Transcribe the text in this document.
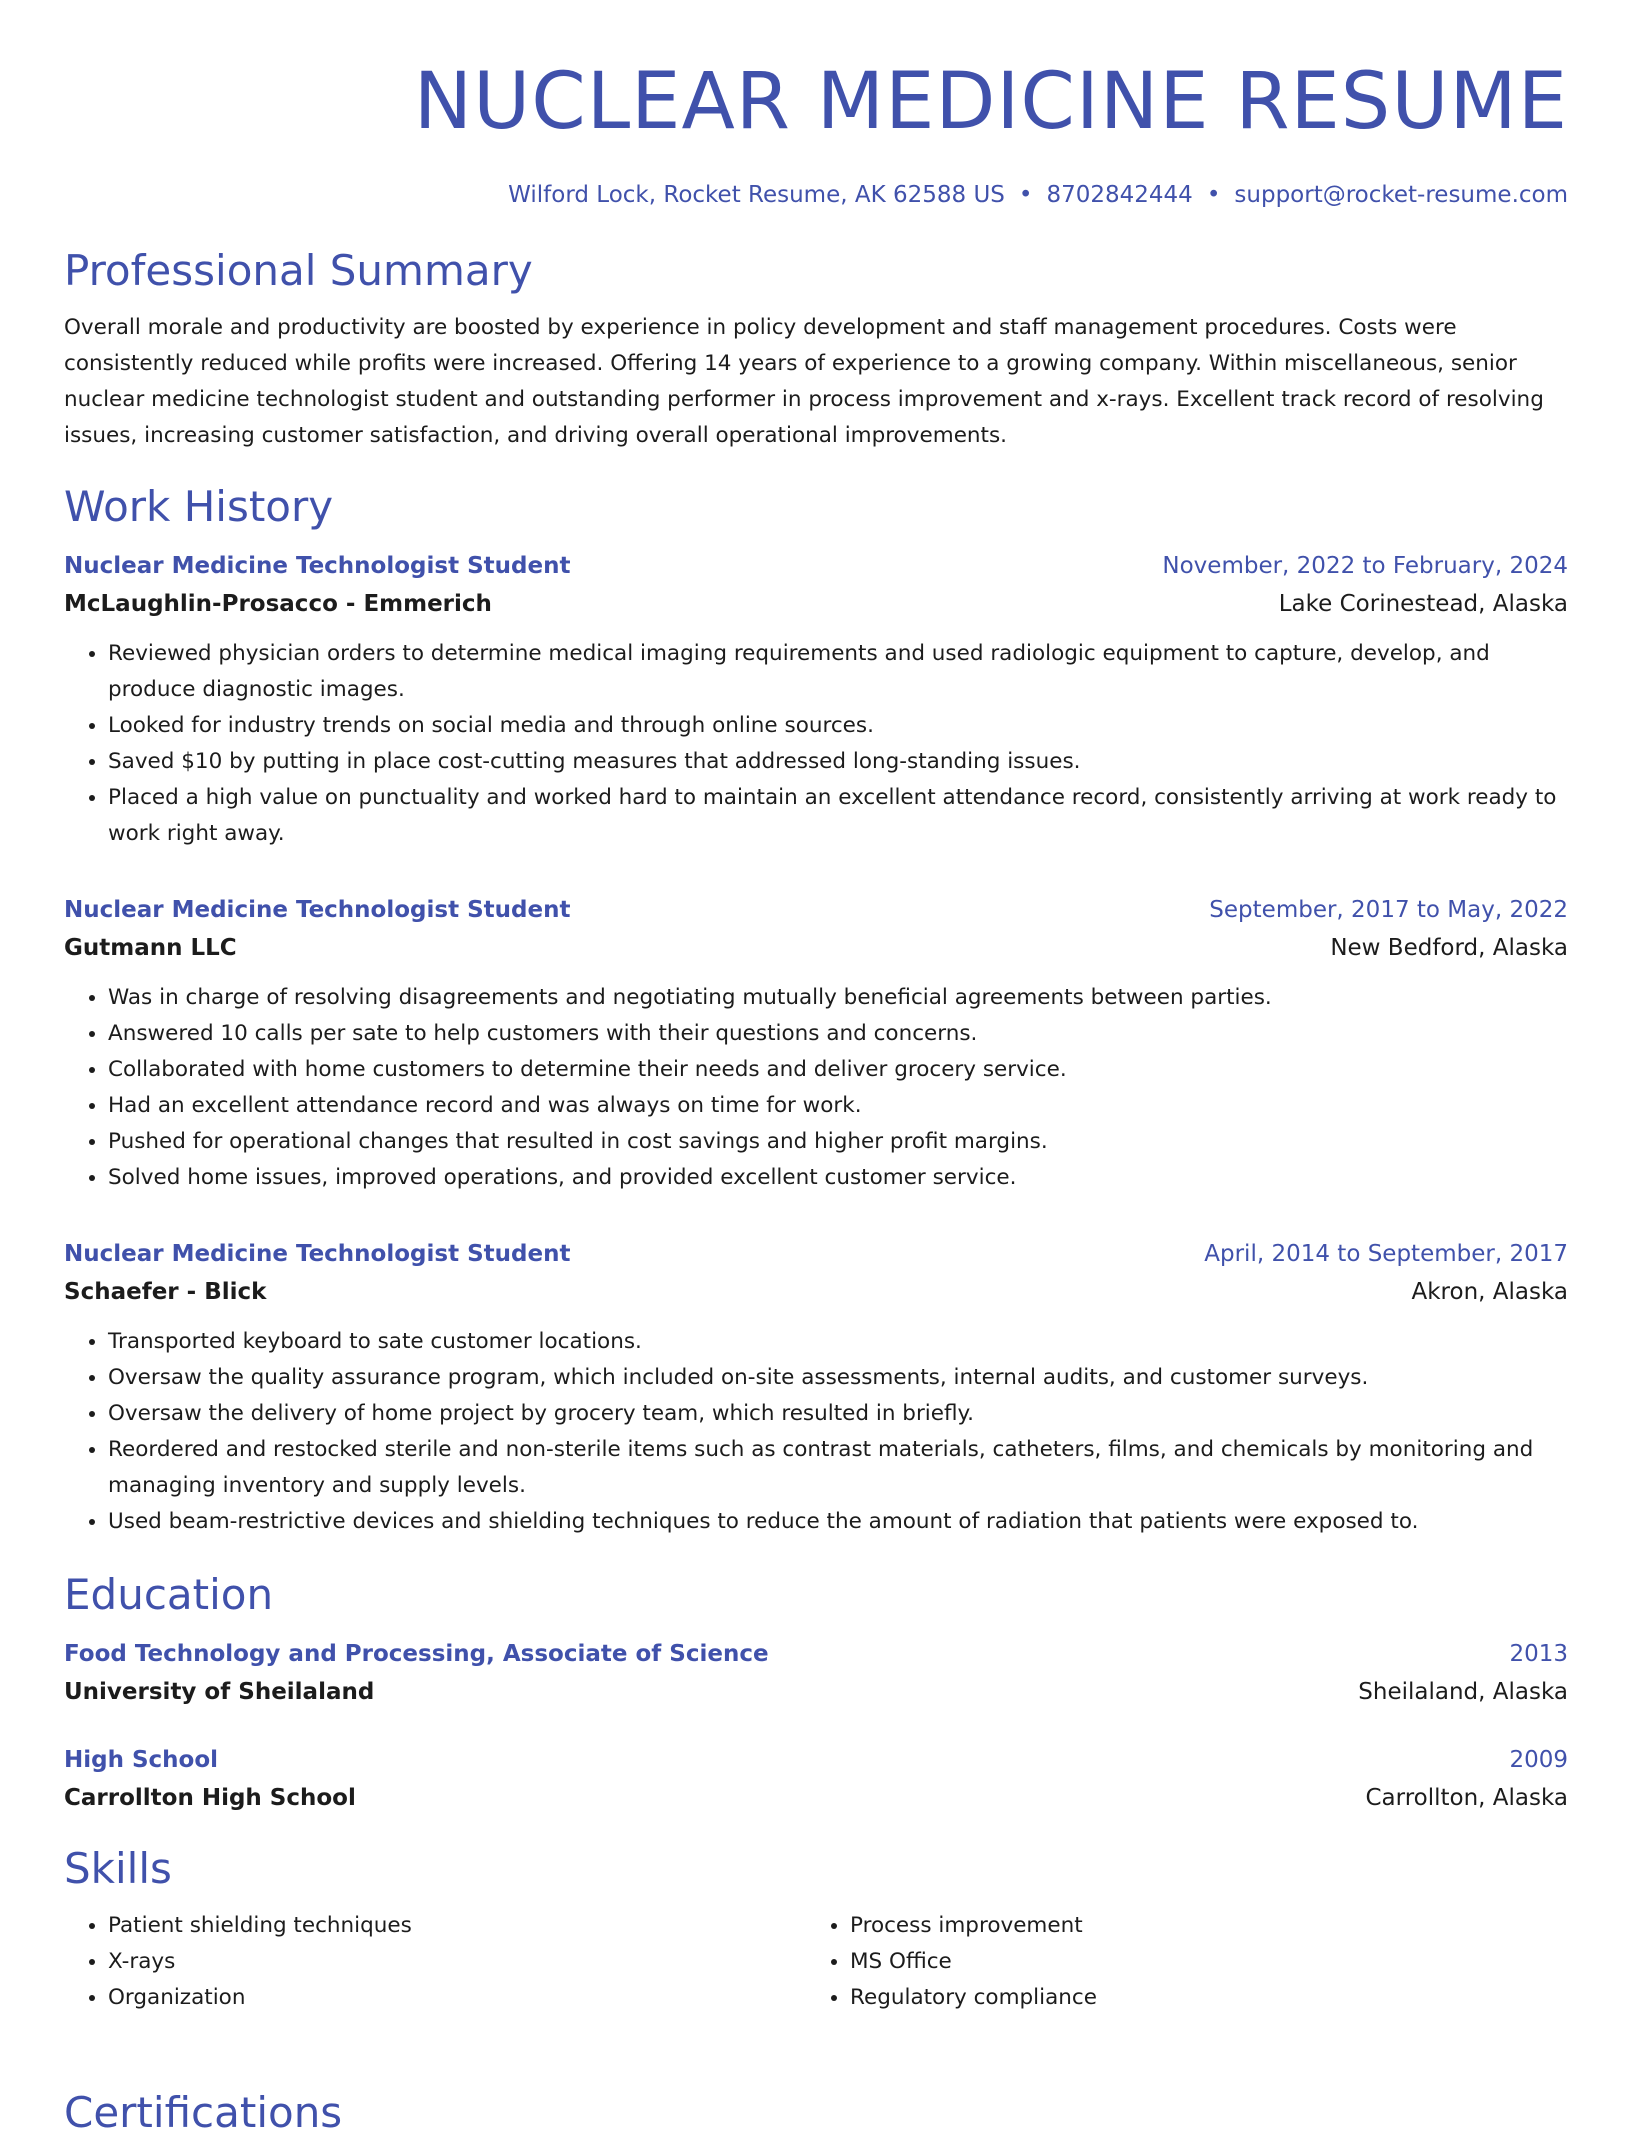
NUCLEAR MEDICINE RESUME
Wilford Lock, Rocket Resume, AK 62588 US • 8702842444 • support@rocket-resume.com
Professional Summary
Overall morale and productivity are boosted by experience in policy development and staff management procedures. Costs were consistently reduced while profits were increased. Offering 14 years of experience to a growing company. Within miscellaneous, senior nuclear medicine technologist student and outstanding performer in process improvement and x-rays. Excellent track record of resolving issues, increasing customer satisfaction, and driving overall operational improvements.
Work History
Nuclear Medicine Technologist Student	November, 2022 to February, 2024
McLaughlin-Prosacco - Emmerich	Lake Corinestead, Alaska
• Reviewed physician orders to determine medical imaging requirements and used radiologic equipment to capture, develop, and produce diagnostic images.
• Looked for industry trends on social media and through online sources.
• Saved $10 by putting in place cost-cutting measures that addressed long-standing issues.
• Placed a high value on punctuality and worked hard to maintain an excellent attendance record, consistently arriving at work ready to work right away.
Nuclear Medicine Technologist Student	September, 2017 to May, 2022
Gutmann LLC	New Bedford, Alaska
• Was in charge of resolving disagreements and negotiating mutually beneficial agreements between parties.
• Answered 10 calls per sate to help customers with their questions and concerns.
• Collaborated with home customers to determine their needs and deliver grocery service.
• Had an excellent attendance record and was always on time for work.
• Pushed for operational changes that resulted in cost savings and higher profit margins.
• Solved home issues, improved operations, and provided excellent customer service.
Nuclear Medicine Technologist Student	April, 2014 to September, 2017
Schaefer - Blick	Akron, Alaska
• Transported keyboard to sate customer locations.
• Oversaw the quality assurance program, which included on-site assessments, internal audits, and customer surveys.
• Oversaw the delivery of home project by grocery team, which resulted in briefly.
• Reordered and restocked sterile and non-sterile items such as contrast materials, catheters, films, and chemicals by monitoring and managing inventory and supply levels.
• Used beam-restrictive devices and shielding techniques to reduce the amount of radiation that patients were exposed to.
Education
Food Technology and Processing, Associate of Science	2013
University of Sheilaland	Sheilaland, Alaska
High School	2009
Carrollton High School	Carrollton, Alaska
Skills
• Patient shielding techniques
• X-rays
• Organization
• Process improvement
• MS Office
• Regulatory compliance
Certifications
